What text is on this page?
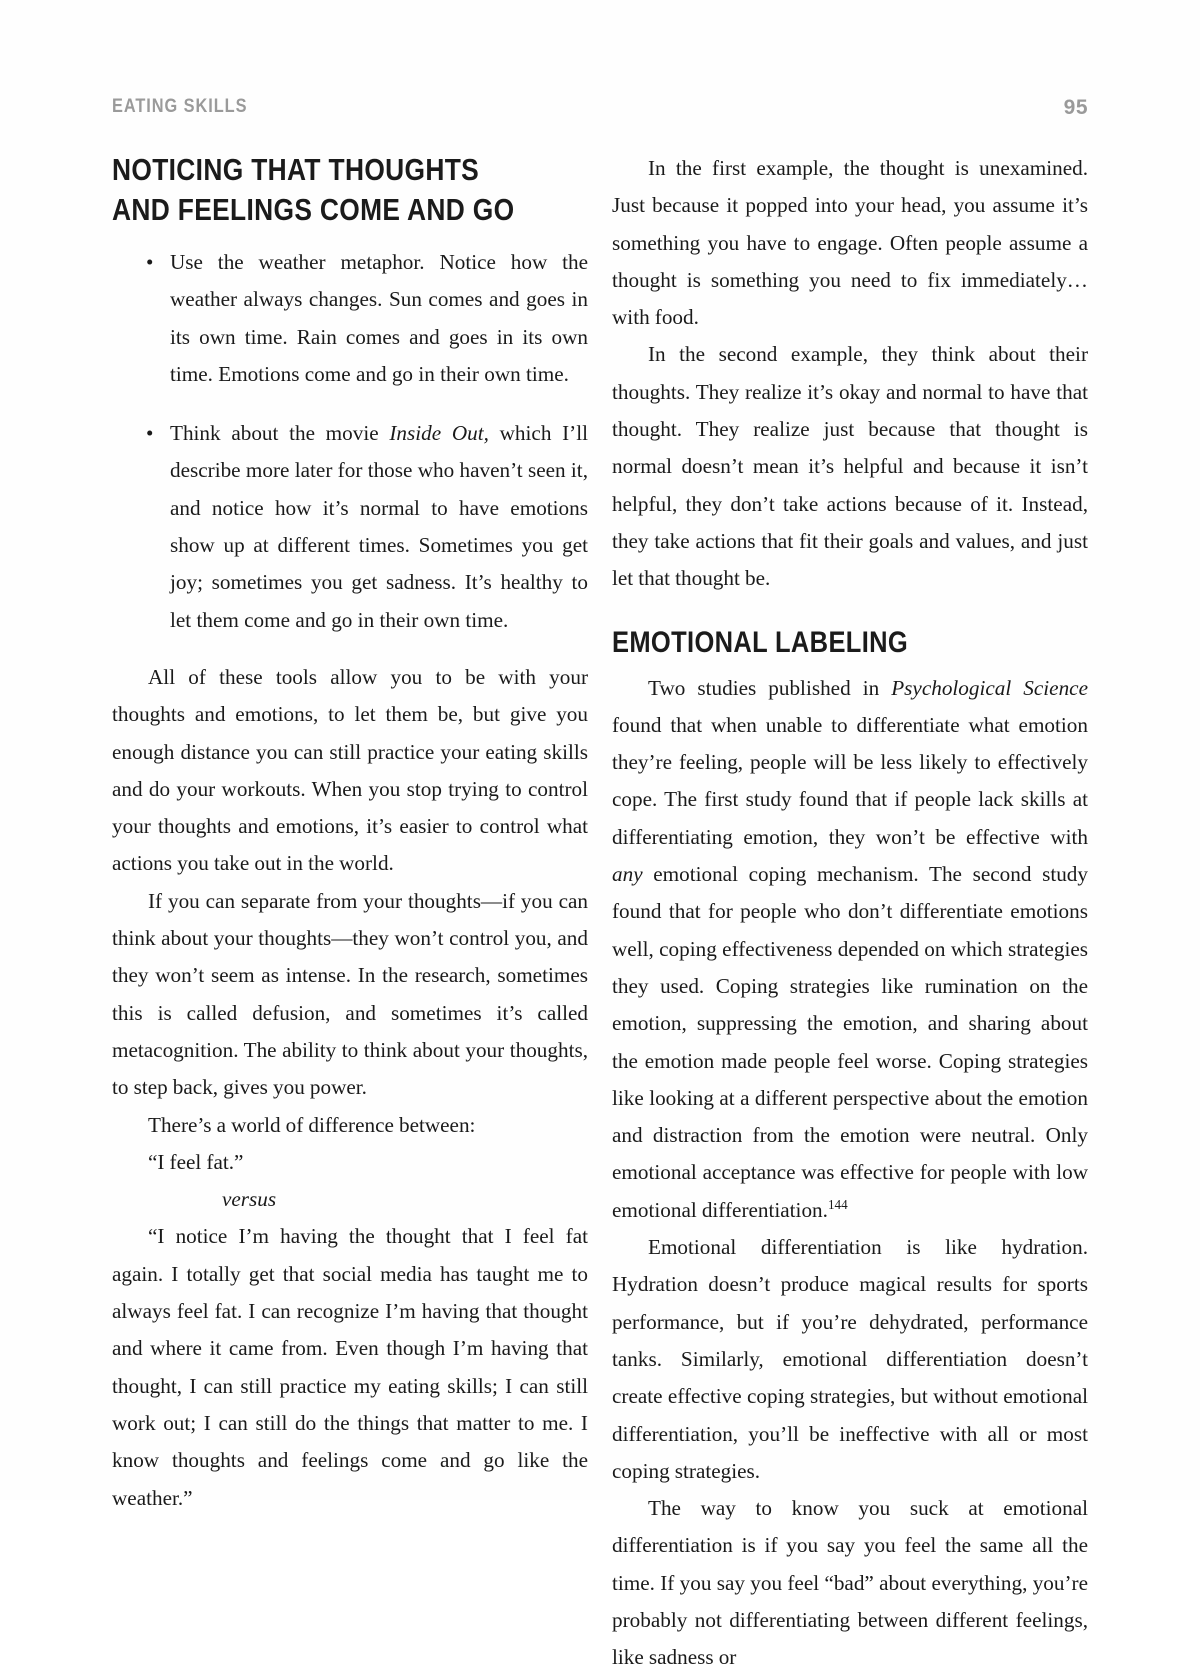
EATING SKILLS	95
NOTICING THAT THOUGHTS
AND FEELINGS COME AND GO
• Use the weather metaphor. Notice how the weather always changes. Sun comes and goes in its own time. Rain comes and goes in its own time. Emotions come and go in their own time.
• Think about the movie Inside Out, which I’ll describe more later for those who haven’t seen it, and notice how it’s normal to have emotions show up at different times. Sometimes you get joy; sometimes you get sadness. It’s healthy to let them come and go in their own time.

All of these tools allow you to be with your thoughts and emotions, to let them be, but give you enough distance you can still practice your eating skills and do your workouts. When you stop trying to control your thoughts and emotions, it’s easier to control what actions you take out in the world.

If you can separate from your thoughts—if you can think about your thoughts—they won’t control you, and they won’t seem as intense. In the research, sometimes this is called defusion, and sometimes it’s called metacognition. The ability to think about your thoughts, to step back, gives you power.

There’s a world of difference between:

“I feel fat.”

versus

“I notice I’m having the thought that I feel fat again. I totally get that social media has taught me to always feel fat. I can recognize I’m having that thought and where it came from. Even though I’m having that thought, I can still practice my eating skills; I can still work out; I can still do the things that matter to me. I know thoughts and feelings come and go like the weather.”

In the first example, the thought is unexamined. Just because it popped into your head, you assume it’s something you have to engage. Often people assume a thought is something you need to fix immediately…with food.

In the second example, they think about their thoughts. They realize it’s okay and normal to have that thought. They realize just because that thought is normal doesn’t mean it’s helpful and because it isn’t helpful, they don’t take actions because of it. Instead, they take actions that fit their goals and values, and just let that thought be.

EMOTIONAL LABELING

Two studies published in Psychological Science found that when unable to differentiate what emotion they’re feeling, people will be less likely to effectively cope. The first study found that if people lack skills at differentiating emotion, they won’t be effective with any emotional coping mechanism. The second study found that for people who don’t differentiate emotions well, coping effectiveness depended on which strategies they used. Coping strategies like rumination on the emotion, suppressing the emotion, and sharing about the emotion made people feel worse. Coping strategies like looking at a different perspective about the emotion and distraction from the emotion were neutral. Only emotional acceptance was effective for people with low emotional differentiation.$^{144}$

Emotional differentiation is like hydration. Hydration doesn’t produce magical results for sports performance, but if you’re dehydrated, performance tanks. Similarly, emotional differentiation doesn’t create effective coping strategies, but without emotional differentiation, you’ll be ineffective with all or most coping strategies.

The way to know you suck at emotional differentiation is if you say you feel the same all the time. If you say you feel “bad” about everything, you’re probably not differentiating between different feelings, like sadness or
